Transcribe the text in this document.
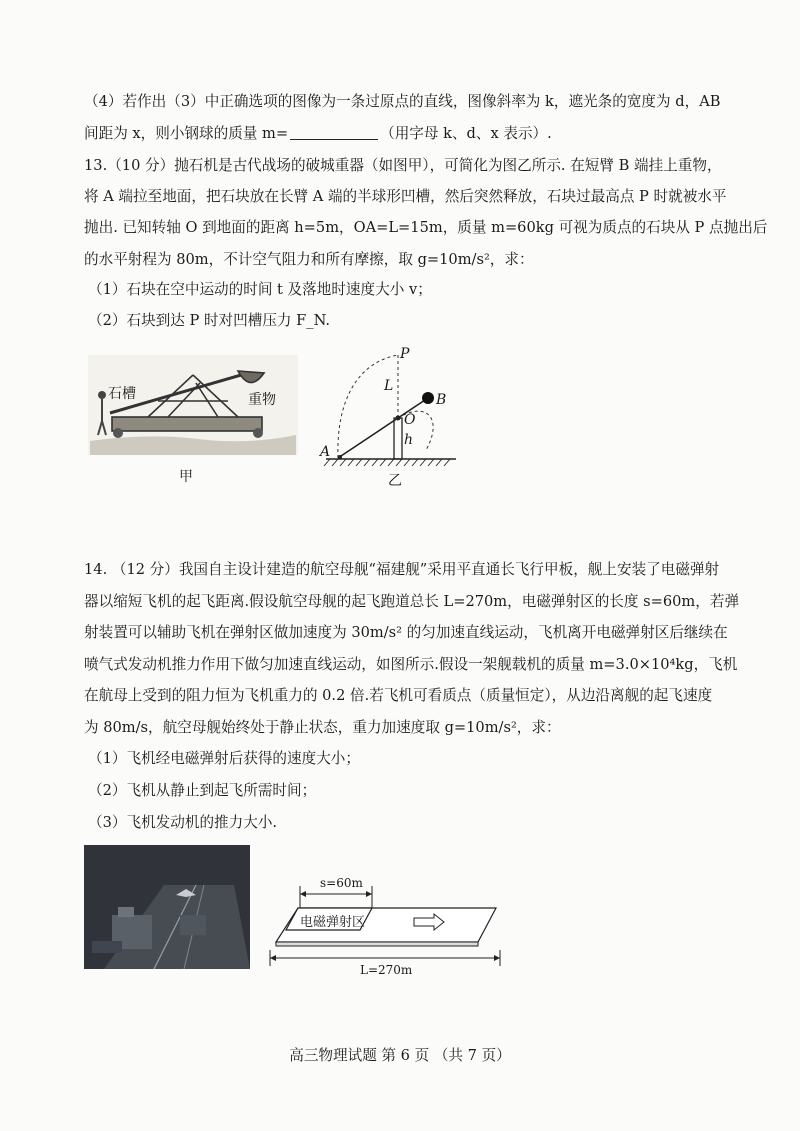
（4）若作出（3）中正确选项的图像为一条过原点的直线，图像斜率为 k，遮光条的宽度为 d，AB
间距为 x，则小钢球的质量 m=	（用字母 k、d、x 表示）.
13.（10 分）抛石机是古代战场的破城重器（如图甲），可简化为图乙所示. 在短臂 B 端挂上重物，
将 A 端拉至地面，把石块放在长臂 A 端的半球形凹槽，然后突然释放，石块过最高点 P 时就被水平
抛出. 已知转轴 O 到地面的距离 h=5m，OA=L=15m，质量 m=60kg 可视为质点的石块从 P 点抛出后
的水平射程为 80m，不计空气阻力和所有摩擦，取 g=10m/s²，求：
（1）石块在空中运动的时间 t 及落地时速度大小 v；
（2）石块到达 P 时对凹槽压力 F_N.
石槽	重物
甲
P
L
B
O
h
A
乙
14. （12 分）我国自主设计建造的航空母舰“福建舰”采用平直通长飞行甲板，舰上安装了电磁弹射
器以缩短飞机的起飞距离.假设航空母舰的起飞跑道总长 L=270m，电磁弹射区的长度 s=60m，若弹
射装置可以辅助飞机在弹射区做加速度为 30m/s² 的匀加速直线运动，飞机离开电磁弹射区后继续在
喷气式发动机推力作用下做匀加速直线运动，如图所示.假设一架舰载机的质量 m=3.0×10⁴kg，飞机
在航母上受到的阻力恒为飞机重力的 0.2 倍.若飞机可看质点（质量恒定），从边沿离舰的起飞速度
为 80m/s，航空母舰始终处于静止状态，重力加速度取 g=10m/s²，求：
（1）飞机经电磁弹射后获得的速度大小；
（2）飞机从静止到起飞所需时间；
（3）飞机发动机的推力大小.
s=60m
电磁弹射区
L=270m
高三物理试题 第 6 页 （共 7 页）
